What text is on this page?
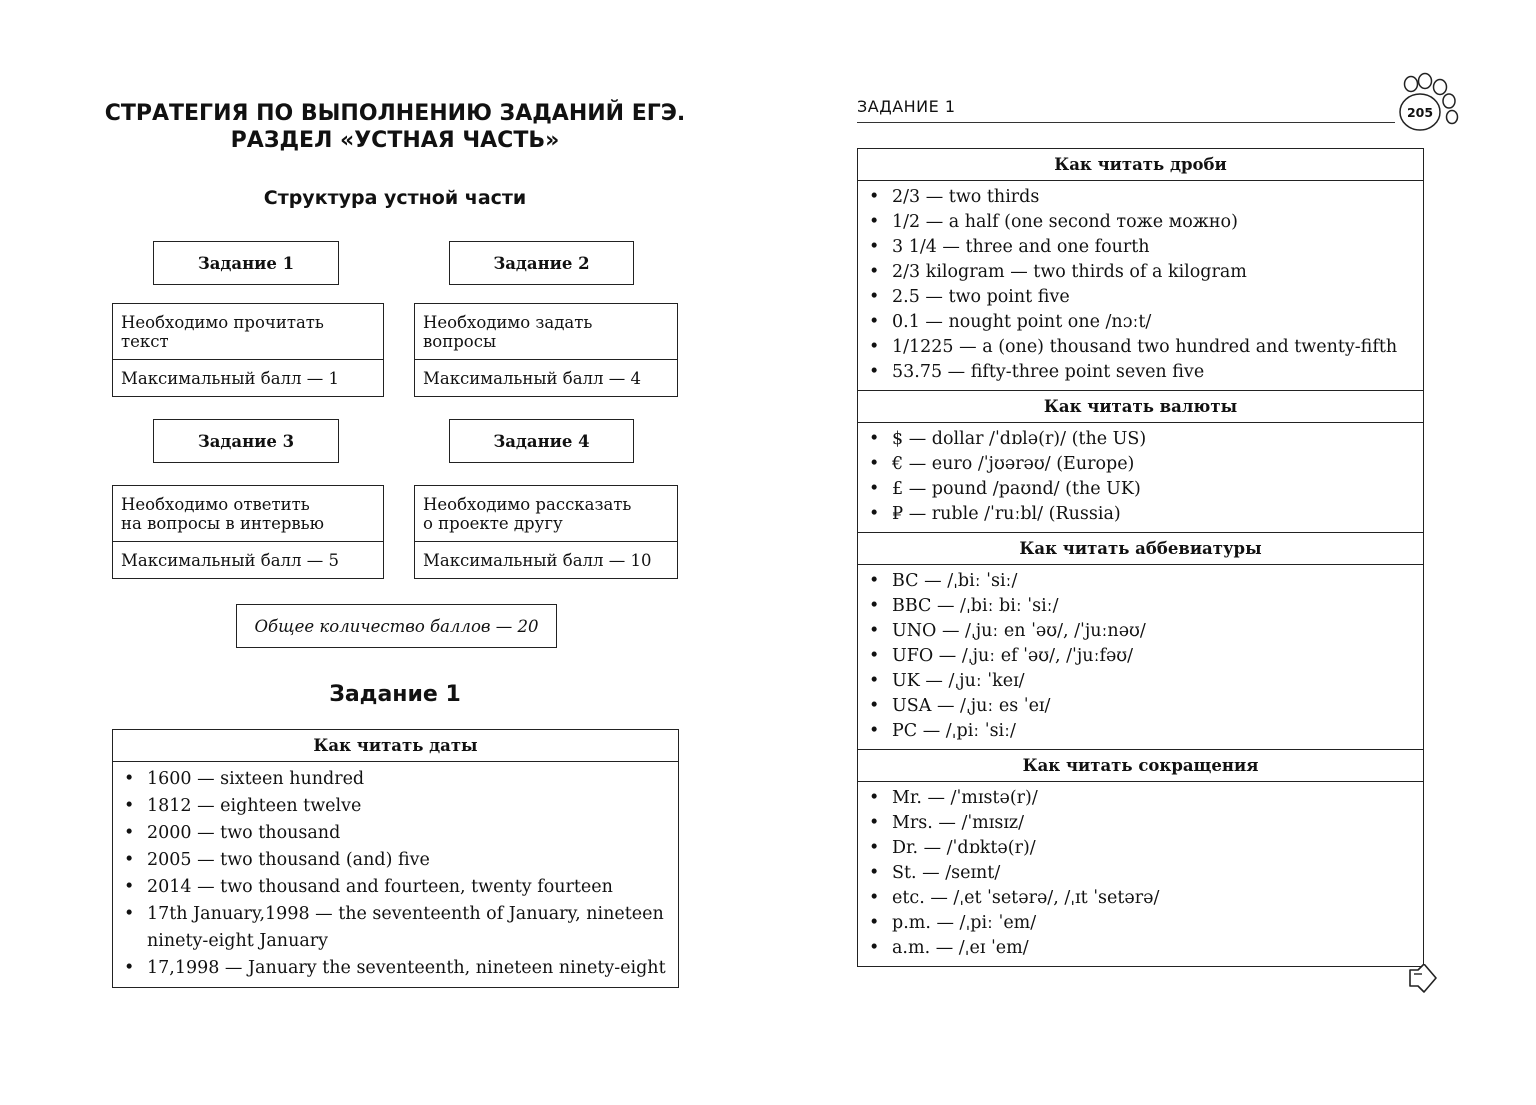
СТРАТЕГИЯ ПО ВЫПОЛНЕНИЮ ЗАДАНИЙ ЕГЭ.
РАЗДЕЛ «УСТНАЯ ЧАСТЬ»
Структура устной части
Задание 1
Необходимо прочитать
текст
Максимальный балл — 1
Задание 2
Необходимо задать
вопросы
Максимальный балл — 4
Задание 3
Необходимо ответить
на вопросы в интервью
Максимальный балл — 5
Задание 4
Необходимо рассказать
о проекте другу
Максимальный балл — 10
Общее количество баллов — 20
Задание 1
Как читать даты

• 1600 — sixteen hundred
• 1812 — eighteen twelve
• 2000 — two thousand
• 2005 — two thousand (and) five
• 2014 — two thousand and fourteen, twenty fourteen
• 17th January,1998 — the seventeenth of January, nineteen ninety-eight January
• 17,1998 — January the seventeenth, nineteen ninety-eight
ЗАДАНИЕ 1	205
Как читать дроби

• 2/3 — two thirds
• 1/2 — a half (one second тоже можно)
• 3 1/4 — three and one fourth
• 2/3 kilogram — two thirds of a kilogram
• 2.5 — two point five
• 0.1 — nought point one /nɔːt/
• 1/1225 — a (one) thousand two hundred and twenty-fifth
• 53.75 — fifty-three point seven five

Как читать валюты

• $ — dollar /ˈdɒlə(r)/ (the US)
• € — euro /ˈjʊərəʊ/ (Europe)
• £ — pound /paʊnd/ (the UK)
• ₽ — ruble /ˈruːbl/ (Russia)

Как читать аббевиатуры

• BC — /ˌbiː ˈsiː/
• BBC — /ˌbiː biː ˈsiː/
• UNO — /ˌjuː en ˈəʊ/, /ˈjuːnəʊ/
• UFO — /ˌjuː ef ˈəʊ/, /ˈjuːfəʊ/
• UK — /ˌjuː ˈkeɪ/
• USA — /ˌjuː es ˈeɪ/
• PC — /ˌpiː ˈsiː/

Как читать сокращения

• Mr. — /ˈmɪstə(r)/
• Mrs. — /ˈmɪsɪz/
• Dr. — /ˈdɒktə(r)/
• St. — /seɪnt/
• etc. — /ˌet ˈsetərə/, /ˌɪt ˈsetərə/
• p.m. — /ˌpiː ˈem/
• a.m. — /ˌeɪ ˈem/
